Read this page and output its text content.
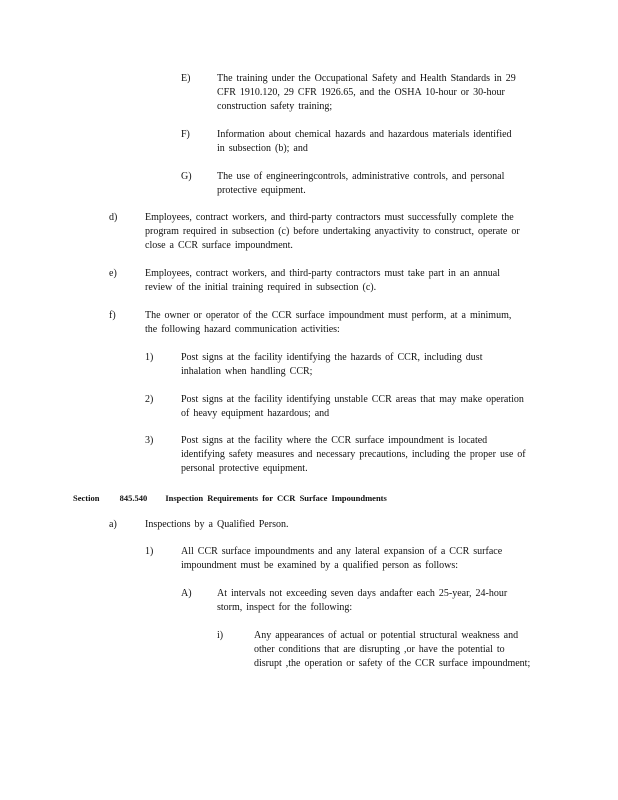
E)	The training under the Occupational Safety and Health Standards in 29 CFR 1910.120, 29 CFR 1926.65, and the OSHA 10-hour or 30-hour construction safety training;
F)	Information about chemical hazards and hazardous materials identified in subsection (b); and
G)	The use of engineeringcontrols, administrative controls, and personal protective equipment.
d)	Employees, contract workers, and third-party contractors must successfully complete the program required in subsection (c) before undertaking anyactivity to construct, operate or close a CCR surface impoundment.
e)	Employees, contract workers, and third-party contractors must take part in an annual review of the initial training required in subsection (c).
f)	The owner or operator of the CCR surface impoundment must perform, at a minimum, the following hazard communication activities:
1)	Post signs at the facility identifying the hazards of CCR, including dust inhalation when handling CCR;
2)	Post signs at the facility identifying unstable CCR areas that may make operation of heavy equipment hazardous; and
3)	Post signs at the facility where the CCR surface impoundment is located identifying safety measures and necessary precautions, including the proper use of personal protective equipment.
Section 845.540 Inspection Requirements for CCR Surface Impoundments
a)	Inspections by a Qualified Person.
1)	All CCR surface impoundments and any lateral expansion of a CCR surface impoundment must be examined by a qualified person as follows:
A)	At intervals not exceeding seven days andafter each 25-year, 24-hour storm, inspect for the following:
i)	Any appearances of actual or potential structural weakness and other conditions that are disrupting ,or have the potential to disrupt ,the operation or safety of the CCR surface impoundment;
